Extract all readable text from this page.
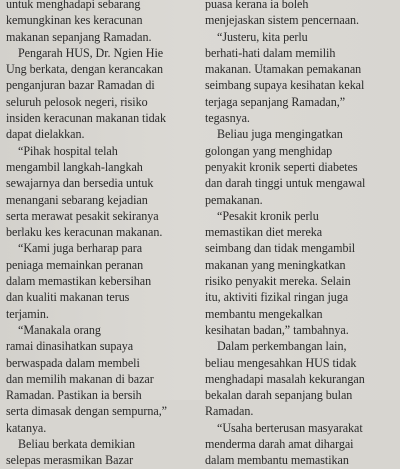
untuk menghadapi sebarang
kemungkinan kes keracunan
makanan sepanjang Ramadan.
Pengarah HUS, Dr. Ngien Hie
Ung berkata, dengan kerancakan
penganjuran bazar Ramadan di
seluruh pelosok negeri, risiko
insiden keracunan makanan tidak
dapat dielakkan.
“Pihak hospital telah
mengambil langkah-langkah
sewajarnya dan bersedia untuk
menangani sebarang kejadian
serta merawat pesakit sekiranya
berlaku kes keracunan makanan.
“Kami juga berharap para
peniaga memainkan peranan
dalam memastikan kebersihan
dan kualiti makanan terus
terjamin.
“Manakala orang
ramai dinasihatkan supaya
berwaspada dalam membeli
dan memilih makanan di bazar
Ramadan. Pastikan ia bersih
serta dimasak dengan sempurna,”
katanya.
Beliau berkata demikian
selepas merasmikan Bazar
puasa kerana ia boleh
menjejaskan sistem pencernaan.
“Justeru, kita perlu
berhati-hati dalam memilih
makanan. Utamakan pemakanan
seimbang supaya kesihatan kekal
terjaga sepanjang Ramadan,”
tegasnya.
Beliau juga mengingatkan
golongan yang menghidap
penyakit kronik seperti diabetes
dan darah tinggi untuk mengawal
pemakanan.
“Pesakit kronik perlu
memastikan diet mereka
seimbang dan tidak mengambil
makanan yang meningkatkan
risiko penyakit mereka. Selain
itu, aktiviti fizikal ringan juga
membantu mengekalkan
kesihatan badan,” tambahnya.
Dalam perkembangan lain,
beliau mengesahkan HUS tidak
menghadapi masalah kekurangan
bekalan darah sepanjang bulan
Ramadan.
“Usaha berterusan masyarakat
menderma darah amat dihargai
dalam membantu memastikan
